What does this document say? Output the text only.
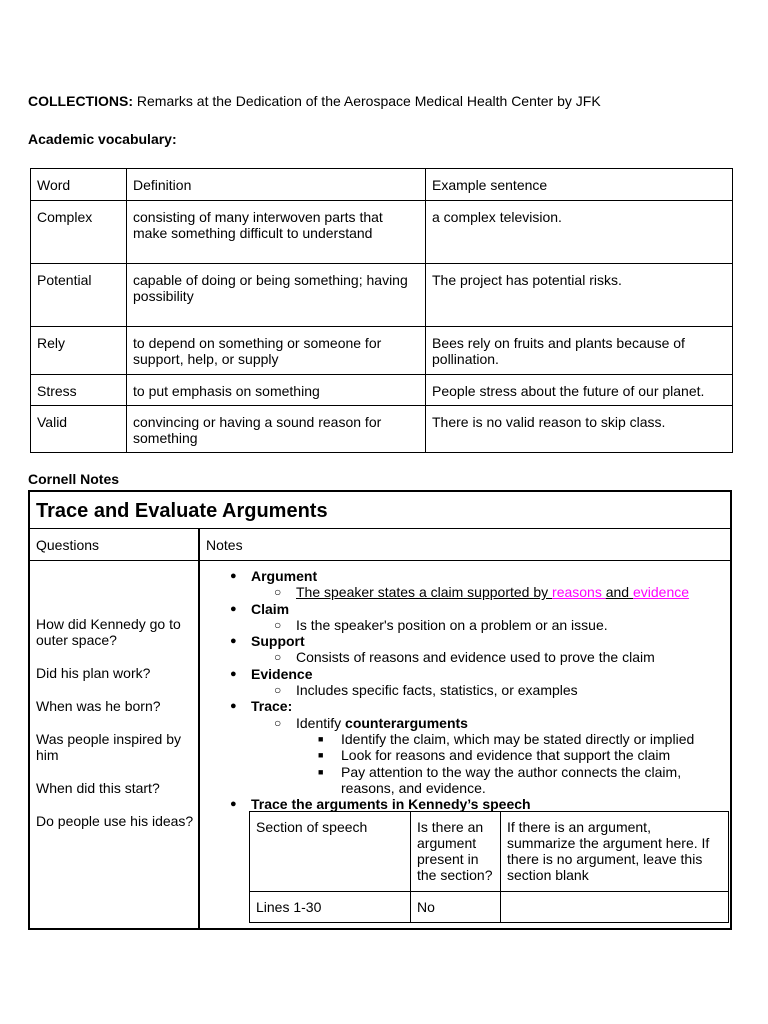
COLLECTIONS: Remarks at the Dedication of the Aerospace Medical Health Center by JFK
Academic vocabulary:
Word	Definition	Example sentence
Complex	consisting of many interwoven parts that make something difficult to understand	a complex television.
Potential	capable of doing or being something; having possibility	The project has potential risks.
Rely	to depend on something or someone for support, help, or supply	Bees rely on fruits and plants because of pollination.
Stress	to put emphasis on something	People stress about the future of our planet.
Valid	convincing or having a sound reason for something	There is no valid reason to skip class.
Cornell Notes
Trace and Evaluate Arguments
Questions	Notes
How did Kennedy go to outer space?
Did his plan work?
When was he born?
Was people inspired by him
When did this start?
Do people use his ideas?
● Argument
○ The speaker states a claim supported by reasons and evidence
● Claim
○ Is the speaker's position on a problem or an issue.
● Support
○ Consists of reasons and evidence used to prove the claim
● Evidence
○ Includes specific facts, statistics, or examples
● Trace:
○ Identify counterarguments
■ Identify the claim, which may be stated directly or implied
■ Look for reasons and evidence that support the claim
■ Pay attention to the way the author connects the claim, reasons, and evidence.
● Trace the arguments in Kennedy’s speech
Section of speech	Is there an argument present in the section?	If there is an argument, summarize the argument here. If there is no argument, leave this section blank
Lines 1-30	No	
